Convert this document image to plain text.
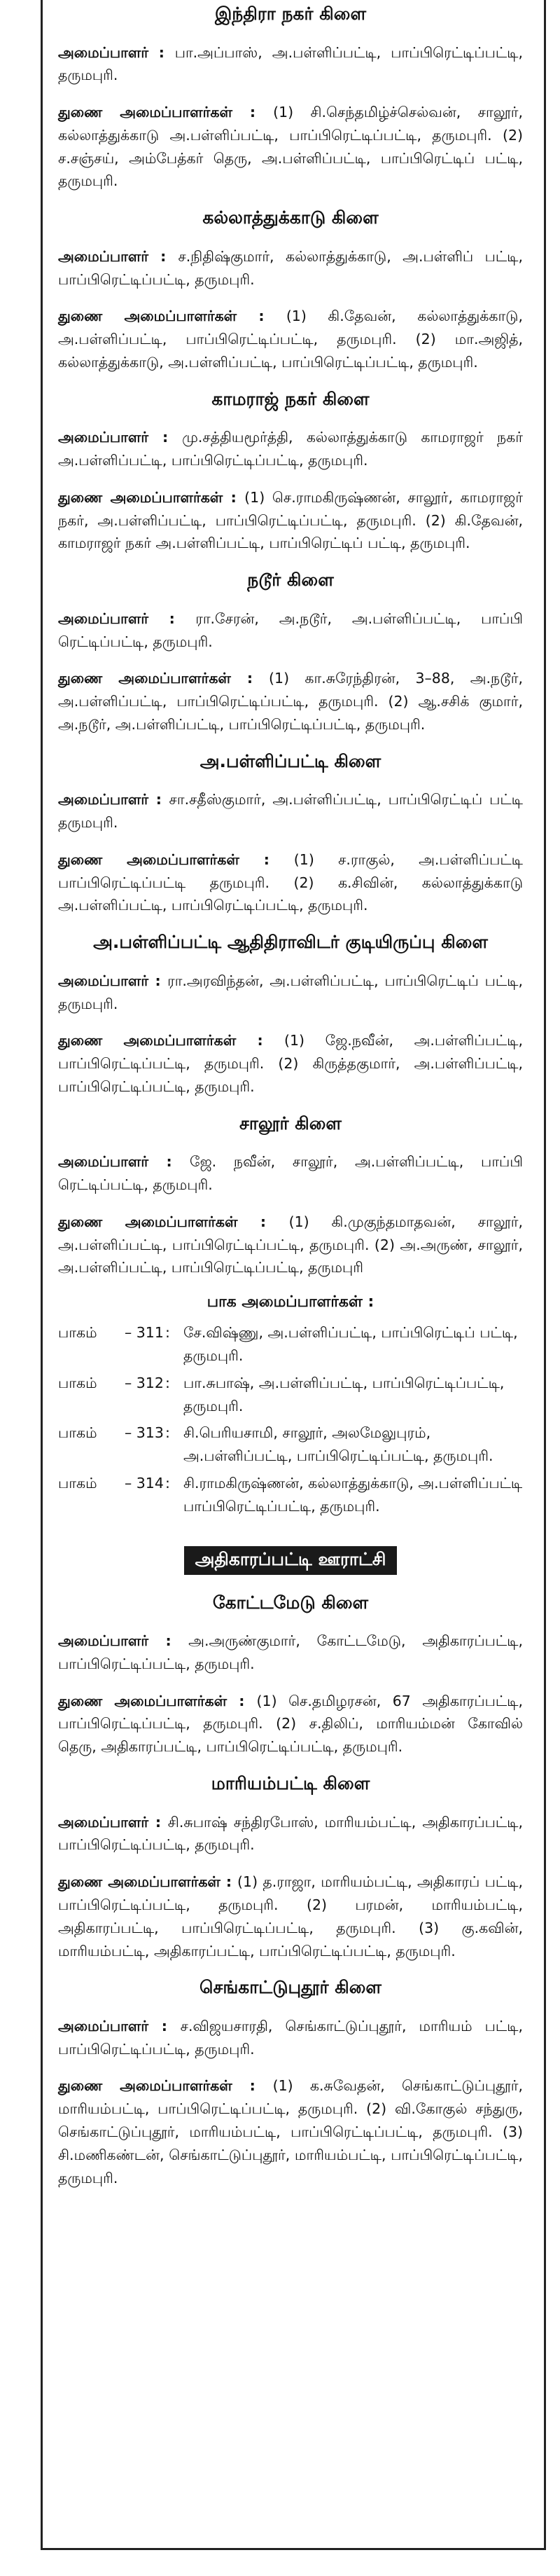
இந்திரா நகர் கிளை

அமைப்பாளர் : பா.அப்பாஸ், அ.பள்ளிப்பட்டி, பாப்பிரெட்டிப்பட்டி, தருமபுரி.

துணை அமைப்பாளர்கள் : (1) சி.செந்தமிழ்ச்செல்வன், சாலூர், கல்லாத்துக்காடு அ.பள்ளிப்பட்டி, பாப்பிரெட்டிப்பட்டி, தருமபுரி. (2) ச.சஞ்சய், அம்பேத்கர் தெரு, அ.பள்ளிப்பட்டி, பாப்பிரெட்டிப் பட்டி, தருமபுரி.

கல்லாத்துக்காடு கிளை

அமைப்பாளர் : ச.நிதிஷ்குமார், கல்லாத்துக்காடு, அ.பள்ளிப் பட்டி, பாப்பிரெட்டிப்பட்டி, தருமபுரி.

துணை அமைப்பாளர்கள் : (1) கி.தேவன், கல்லாத்துக்காடு, அ.பள்ளிப்பட்டி, பாப்பிரெட்டிப்பட்டி, தருமபுரி. (2) மா.அஜித், கல்லாத்துக்காடு, அ.பள்ளிப்பட்டி, பாப்பிரெட்டிப்பட்டி, தருமபுரி.

காமராஜ் நகர் கிளை

அமைப்பாளர் : மு.சத்தியமூர்த்தி, கல்லாத்துக்காடு காமராஜர் நகர் அ.பள்ளிப்பட்டி, பாப்பிரெட்டிப்பட்டி, தருமபுரி.

துணை அமைப்பாளர்கள் : (1) செ.ராமகிருஷ்ணன், சாலூர், காமராஜர் நகர், அ.பள்ளிப்பட்டி, பாப்பிரெட்டிப்பட்டி, தருமபுரி. (2) கி.தேவன், காமராஜர் நகர் அ.பள்ளிப்பட்டி, பாப்பிரெட்டிப் பட்டி, தருமபுரி.

நடூர் கிளை

அமைப்பாளர் : ரா.சேரன், அ.நடூர், அ.பள்ளிப்பட்டி, பாப்பி ரெட்டிப்பட்டி, தருமபுரி.

துணை அமைப்பாளர்கள் : (1) கா.சுரேந்திரன், 3–88, அ.நடூர், அ.பள்ளிப்பட்டி, பாப்பிரெட்டிப்பட்டி, தருமபுரி. (2) ஆ.சசிக் குமார், அ.நடூர், அ.பள்ளிப்பட்டி, பாப்பிரெட்டிப்பட்டி, தருமபுரி.

அ.பள்ளிப்பட்டி கிளை

அமைப்பாளர் : சா.சதீஸ்குமார், அ.பள்ளிப்பட்டி, பாப்பிரெட்டிப் பட்டி தருமபுரி.

துணை அமைப்பாளர்கள் : (1) ச.ராகுல், அ.பள்ளிப்பட்டி பாப்பிரெட்டிப்பட்டி தருமபுரி. (2) க.சிவின், கல்லாத்துக்காடு அ.பள்ளிப்பட்டி, பாப்பிரெட்டிப்பட்டி, தருமபுரி.

அ.பள்ளிப்பட்டி ஆதிதிராவிடர் குடியிருப்பு கிளை

அமைப்பாளர் : ரா.அரவிந்தன், அ.பள்ளிப்பட்டி, பாப்பிரெட்டிப் பட்டி, தருமபுரி.

துணை அமைப்பாளர்கள் : (1) ஜே.நவீன், அ.பள்ளிப்பட்டி, பாப்பிரெட்டிப்பட்டி, தருமபுரி. (2) கிருத்தகுமார், அ.பள்ளிப்பட்டி, பாப்பிரெட்டிப்பட்டி, தருமபுரி.

சாலூர் கிளை

அமைப்பாளர் : ஜே. நவீன், சாலூர், அ.பள்ளிப்பட்டி, பாப்பி ரெட்டிப்பட்டி, தருமபுரி.

துணை அமைப்பாளர்கள் : (1) கி.முகுந்தமாதவன், சாலூர், அ.பள்ளிப்பட்டி, பாப்பிரெட்டிப்பட்டி, தருமபுரி. (2) அ.அருண், சாலூர், அ.பள்ளிப்பட்டி, பாப்பிரெட்டிப்பட்டி, தருமபுரி

பாக அமைப்பாளர்கள் :
பாகம்	– 311 : சே.விஷ்ணு, அ.பள்ளிப்பட்டி, பாப்பிரெட்டிப் பட்டி, தருமபுரி.
பாகம்	– 312 : பா.சுபாஷ், அ.பள்ளிப்பட்டி, பாப்பிரெட்டிப்பட்டி, தருமபுரி.
பாகம்	– 313 : சி.பெரியசாமி, சாலூர், அலமேலுபுரம், அ.பள்ளிப்பட்டி, பாப்பிரெட்டிப்பட்டி, தருமபுரி.
பாகம்	– 314 : சி.ராமகிருஷ்ணன், கல்லாத்துக்காடு, அ.பள்ளிப்பட்டி பாப்பிரெட்டிப்பட்டி, தருமபுரி.
அதிகாரப்பட்டி ஊராட்சி
கோட்டமேடு கிளை

அமைப்பாளர் : அ.அருண்குமார், கோட்டமேடு, அதிகாரப்பட்டி, பாப்பிரெட்டிப்பட்டி, தருமபுரி.

துணை அமைப்பாளர்கள் : (1) செ.தமிழரசன், 67 அதிகாரப்பட்டி, பாப்பிரெட்டிப்பட்டி, தருமபுரி. (2) ச.திலிப், மாரியம்மன் கோவில் தெரு, அதிகாரப்பட்டி, பாப்பிரெட்டிப்பட்டி, தருமபுரி.

மாரியம்பட்டி கிளை

அமைப்பாளர் : சி.சுபாஷ் சந்திரபோஸ், மாரியம்பட்டி, அதிகாரப்பட்டி, பாப்பிரெட்டிப்பட்டி, தருமபுரி.

துணை அமைப்பாளர்கள் : (1) த.ராஜா, மாரியம்பட்டி, அதிகாரப் பட்டி, பாப்பிரெட்டிப்பட்டி, தருமபுரி. (2) பரமன், மாரியம்பட்டி, அதிகாரப்பட்டி, பாப்பிரெட்டிப்பட்டி, தருமபுரி. (3) கு.கவின், மாரியம்பட்டி, அதிகாரப்பட்டி, பாப்பிரெட்டிப்பட்டி, தருமபுரி.

செங்காட்டுபுதூர் கிளை

அமைப்பாளர் : ச.விஜயசாரதி, செங்காட்டுப்புதூர், மாரியம் பட்டி, பாப்பிரெட்டிப்பட்டி, தருமபுரி.

துணை அமைப்பாளர்கள் : (1) க.சுவேதன், செங்காட்டுப்புதூர், மாரியம்பட்டி, பாப்பிரெட்டிப்பட்டி, தருமபுரி. (2) வி.கோகுல் சந்துரு, செங்காட்டுப்புதூர், மாரியம்பட்டி, பாப்பிரெட்டிப்பட்டி, தருமபுரி. (3) சி.மணிகண்டன், செங்காட்டுப்புதூர், மாரியம்பட்டி, பாப்பிரெட்டிப்பட்டி, தருமபுரி.
